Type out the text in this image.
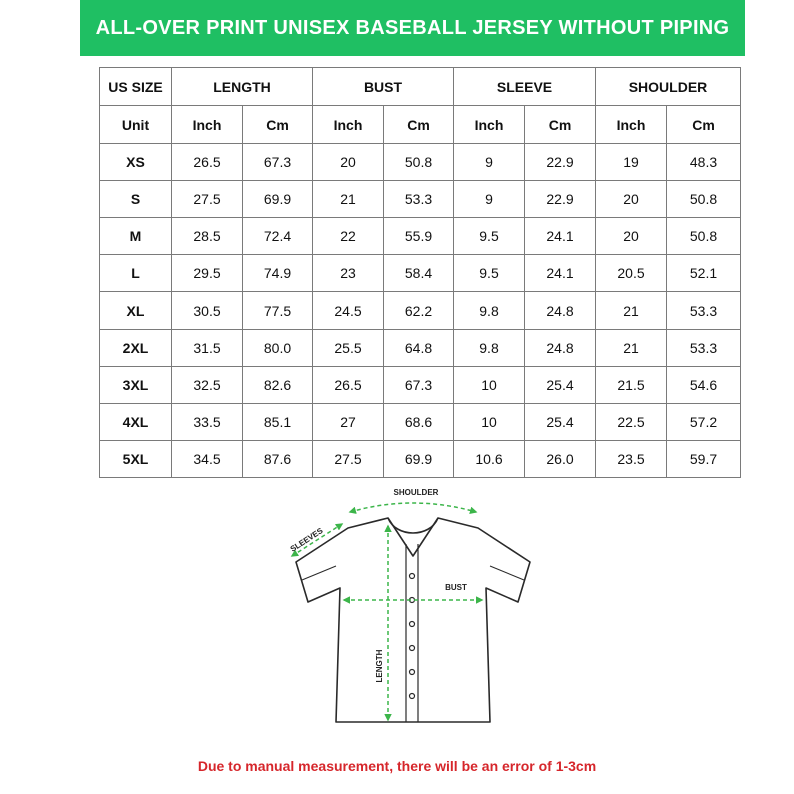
ALL-OVER PRINT UNISEX BASEBALL JERSEY WITHOUT PIPING
US SIZE	LENGTH		BUST		SLEEVE		SHOULDER	
Unit	Inch	Cm	Inch	Cm	Inch	Cm	Inch	Cm
XS	26.5	67.3	20	50.8	9	22.9	19	48.3
S	27.5	69.9	21	53.3	9	22.9	20	50.8
M	28.5	72.4	22	55.9	9.5	24.1	20	50.8
L	29.5	74.9	23	58.4	9.5	24.1	20.5	52.1
XL	30.5	77.5	24.5	62.2	9.8	24.8	21	53.3
2XL	31.5	80.0	25.5	64.8	9.8	24.8	21	53.3
3XL	32.5	82.6	26.5	67.3	10	25.4	21.5	54.6
4XL	33.5	85.1	27	68.6	10	25.4	22.5	57.2
5XL	34.5	87.6	27.5	69.9	10.6	26.0	23.5	59.7
SHOULDER
SLEEVES
BUST
LENGTH
Due to manual measurement, there will be an error of 1-3cm
